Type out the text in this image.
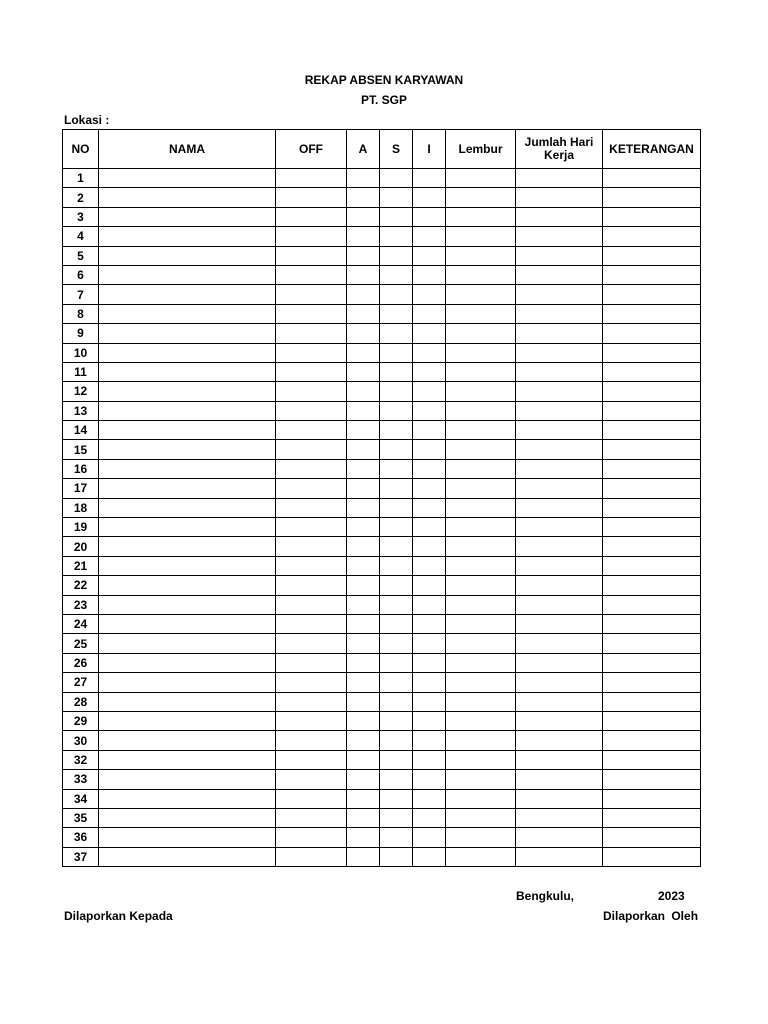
REKAP ABSEN KARYAWAN
PT. SGP
Lokasi :
NO	NAMA	OFF	A	S	I	Lembur	Jumlah Hari Kerja	KETERANGAN
1								
2								
3								
4								
5								
6								
7								
8								
9								
10								
11								
12								
13								
14								
15								
16								
17								
18								
19								
20								
21								
22								
23								
24								
25								
26								
27								
28								
29								
30								
32								
33								
34								
35								
36								
37								
Bengkulu,	2023
Dilaporkan Kepada	Dilaporkan Oleh
